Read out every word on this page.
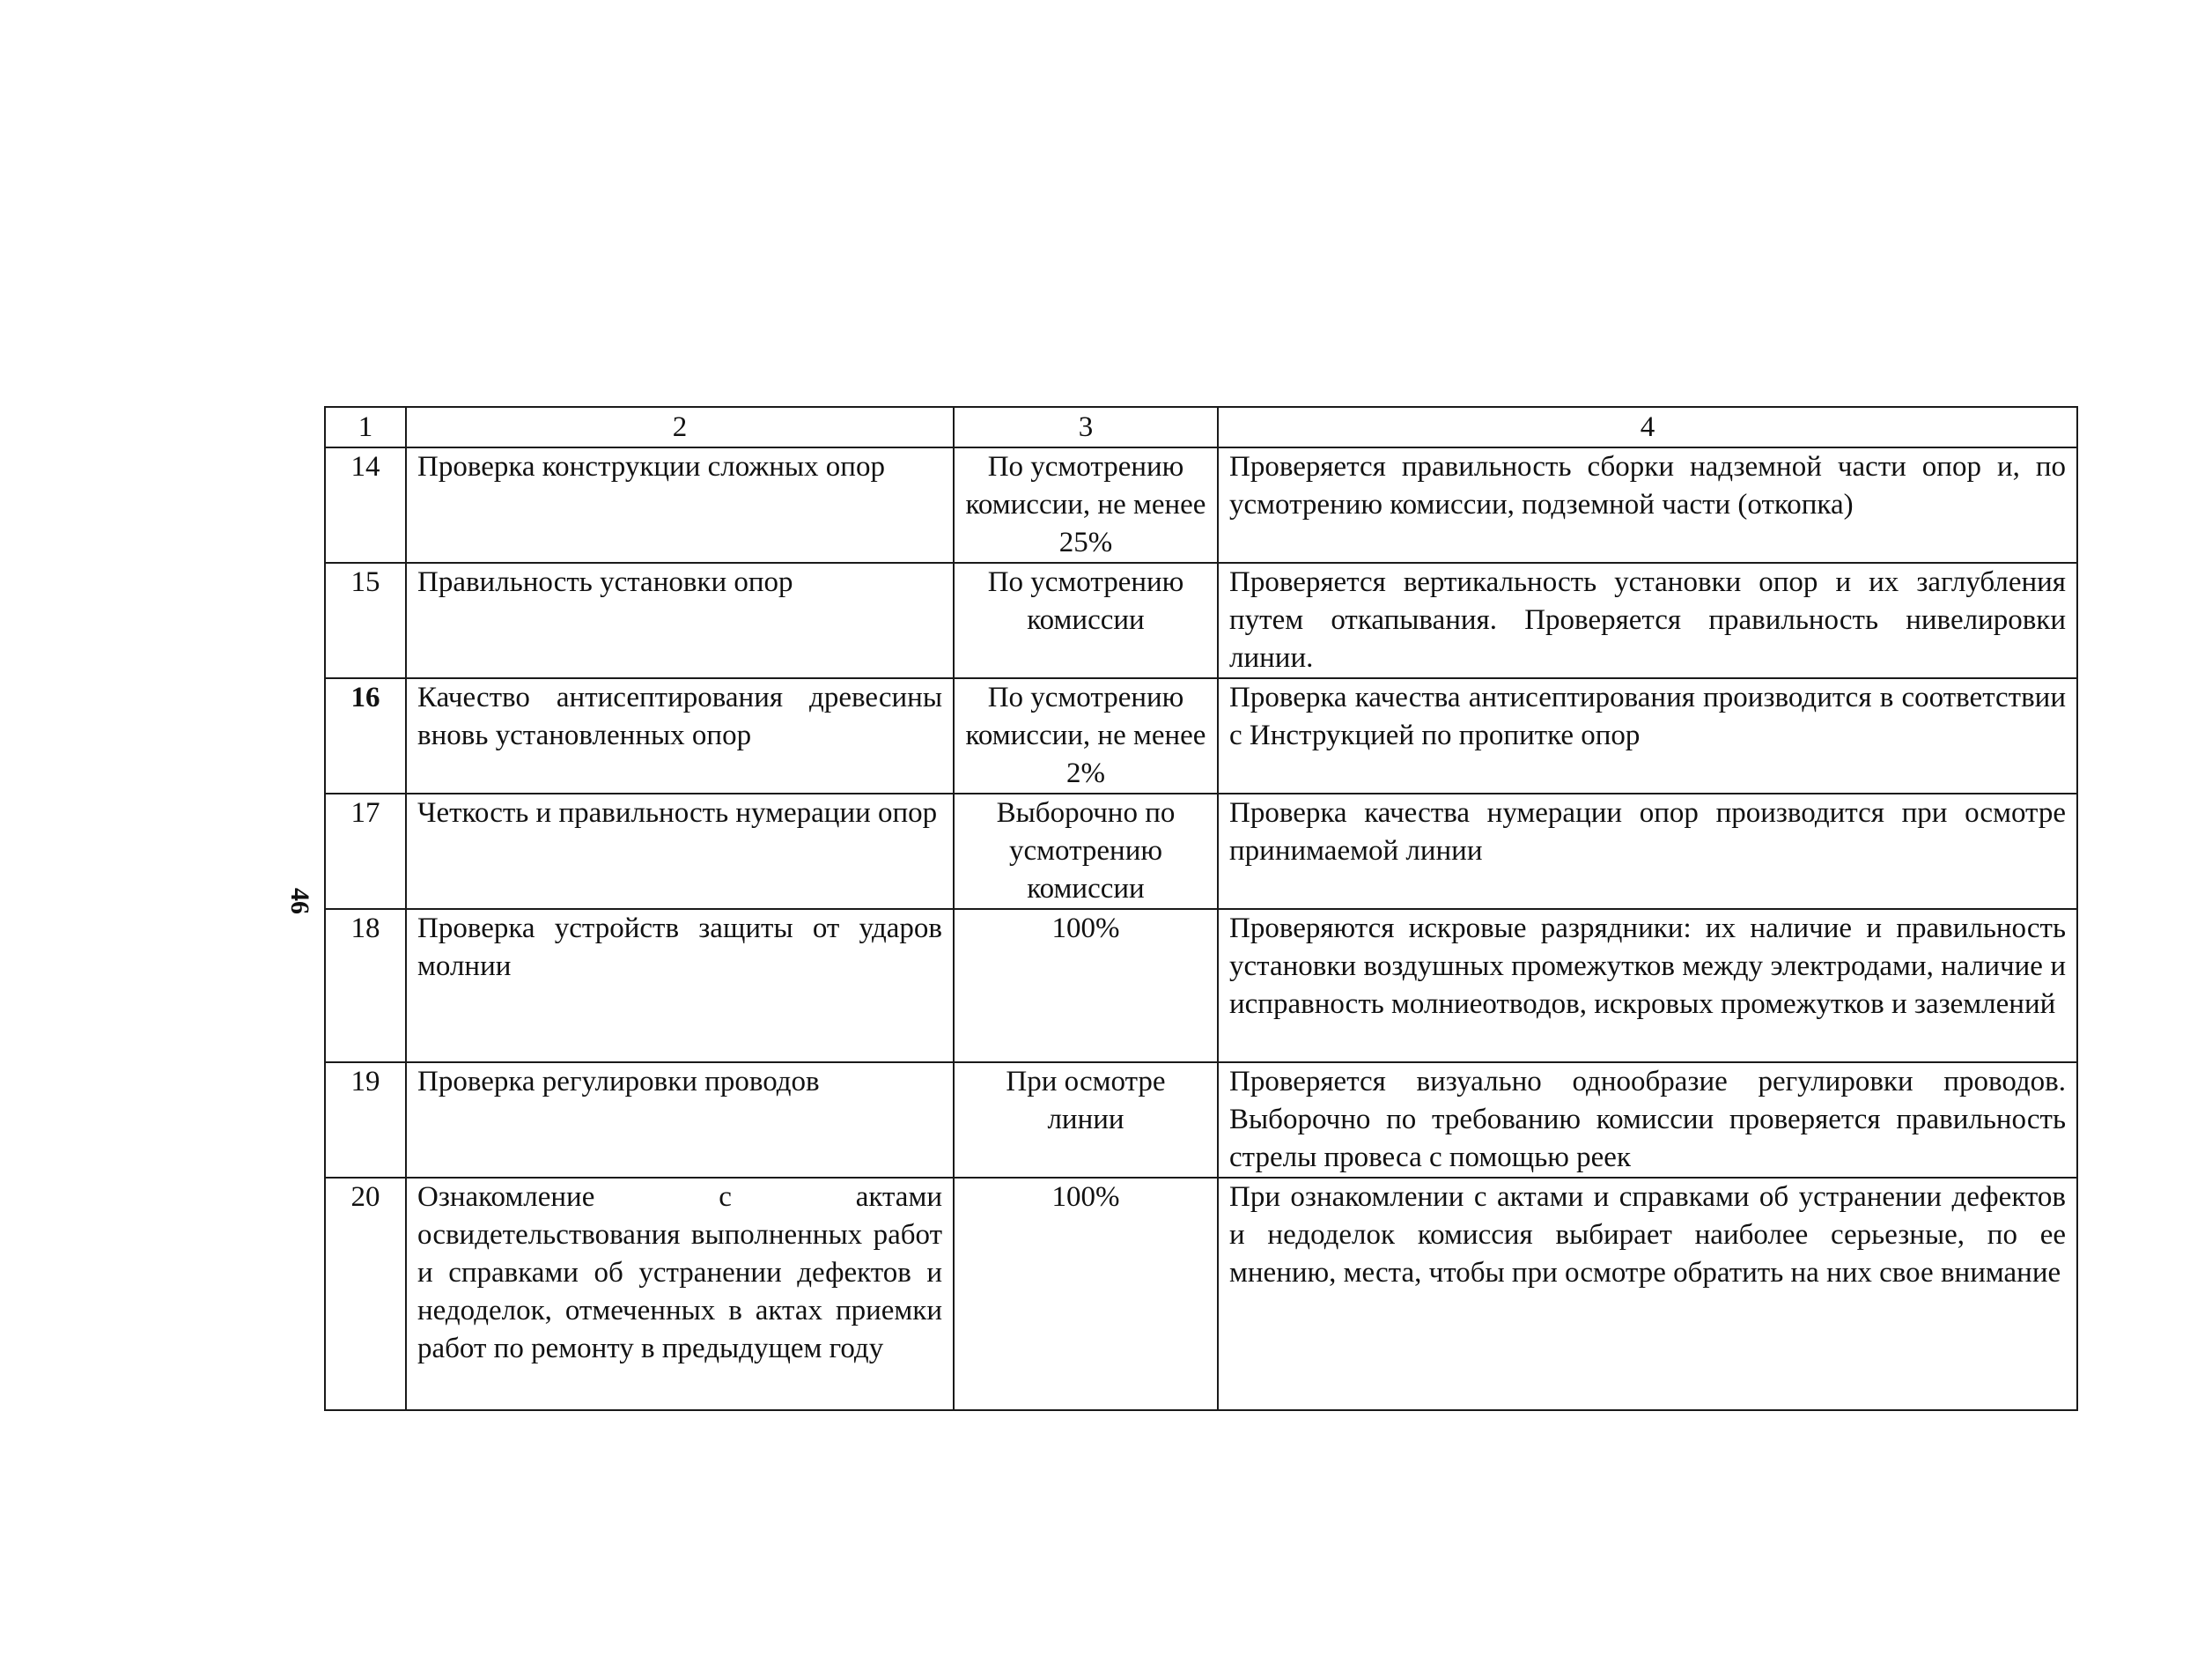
46
1	2	3	4
14	Проверка конструкции сложных опор	По усмотрению комиссии, не менее 25%	Проверяется правильность сборки надземной части опор и, по усмотрению комиссии, подземной части (откопка)
15	Правильность установки опор	По усмотрению комиссии	Проверяется вертикальность установки опор и их заглубления путем откапывания. Проверяется правильность нивелировки линии.
16	Качество антисептирования древесины вновь установленных опор	По усмотрению комиссии, не менее 2%	Проверка качества антисептирования производится в соответствии с Инструкцией по пропитке опор
17	Четкость и правильность нумерации опор	Выборочно по усмотрению комиссии	Проверка качества нумерации опор производится при осмотре принимаемой линии
18	Проверка устройств защиты от ударов молнии	100%	Проверяются искровые разрядники: их наличие и правильность установки воздушных промежутков между электродами, наличие и исправность молниеотводов, искровых промежутков и заземлений
19	Проверка регулировки проводов	При осмотре линии	Проверяется визуально однообразие регулировки проводов. Выборочно по требованию комиссии проверяется правильность стрелы провеса с помощью реек
20	Ознакомление с актами освидетельствования выполненных работ и справками об устранении дефектов и недоделок, отмеченных в актах приемки работ по ремонту в предыдущем году	100%	При ознакомлении с актами и справками об устранении дефектов и недоделок комиссия выбирает наиболее серьезные, по ее мнению, места, чтобы при осмотре обратить на них свое внимание
